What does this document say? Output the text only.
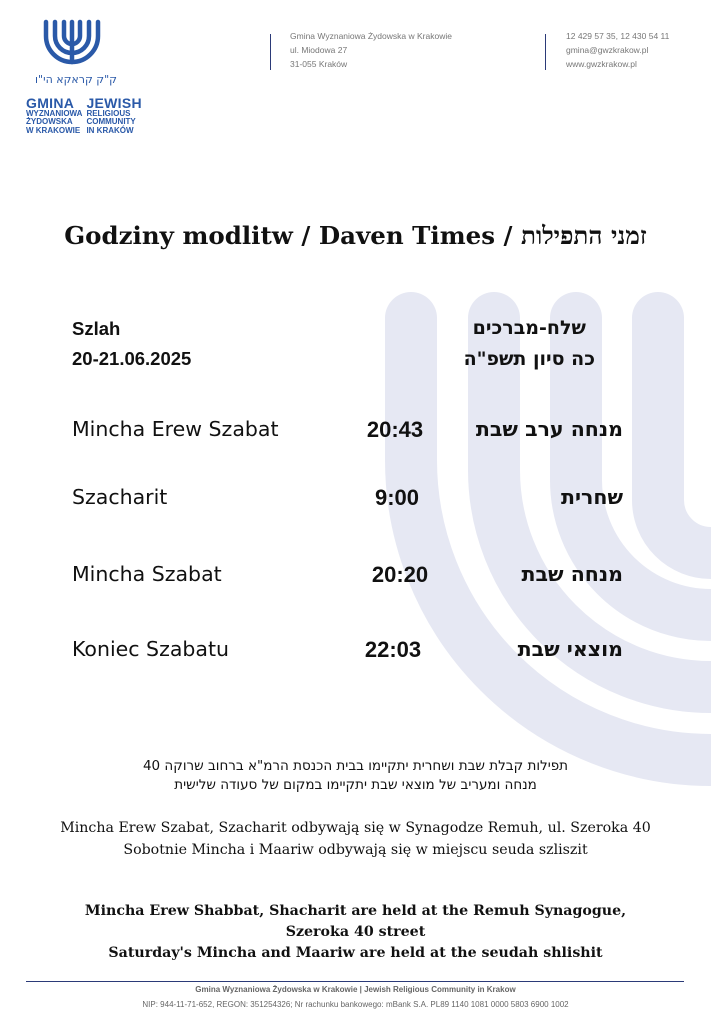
ק"ק קראקא הי"ו
GMINA
WYZNANIOWA
ŻYDOWSKA
W KRAKOWIE
JEWISH
RELIGIOUS
COMMUNITY
IN KRAKÓW
Gmina Wyznaniowa Żydowska w Krakowie
ul. Miodowa 27
31-055 Kraków
12 429 57 35, 12 430 54 11
gmina@gwzkrakow.pl
www.gwzkrakow.pl
Godziny modlitw / Daven Times / זמני התפילות
Szlah
20-21.06.2025
שלח-מברכים
כה סיון תשפ"ה
Mincha Erew Szabat	20:43	מנחה ערב שבת
Szacharit	9:00	שחרית
Mincha Szabat	20:20	מנחה שבת
Koniec Szabatu	22:03	מוצאי שבת
תפילות קבלת שבת ושחרית יתקיימו בבית הכנסת הרמ"א ברחוב שרוקה 40
מנחה ומעריב של מוצאי שבת יתקיימו במקום של סעודה שלישית
Mincha Erew Szabat, Szacharit odbywają się w Synagodze Remuh, ul. Szeroka 40
Sobotnie Mincha i Maariw odbywają się w miejscu seuda szliszit
Mincha Erew Shabbat, Shacharit are held at the Remuh Synagogue,
Szeroka 40 street
Saturday's Mincha and Maariw are held at the seudah shlishit
Gmina Wyznaniowa Żydowska w Krakowie | Jewish Religious Community in Krakow
NIP: 944-11-71-652, REGON: 351254326; Nr rachunku bankowego: mBank S.A. PL89 1140 1081 0000 5803 6900 1002
